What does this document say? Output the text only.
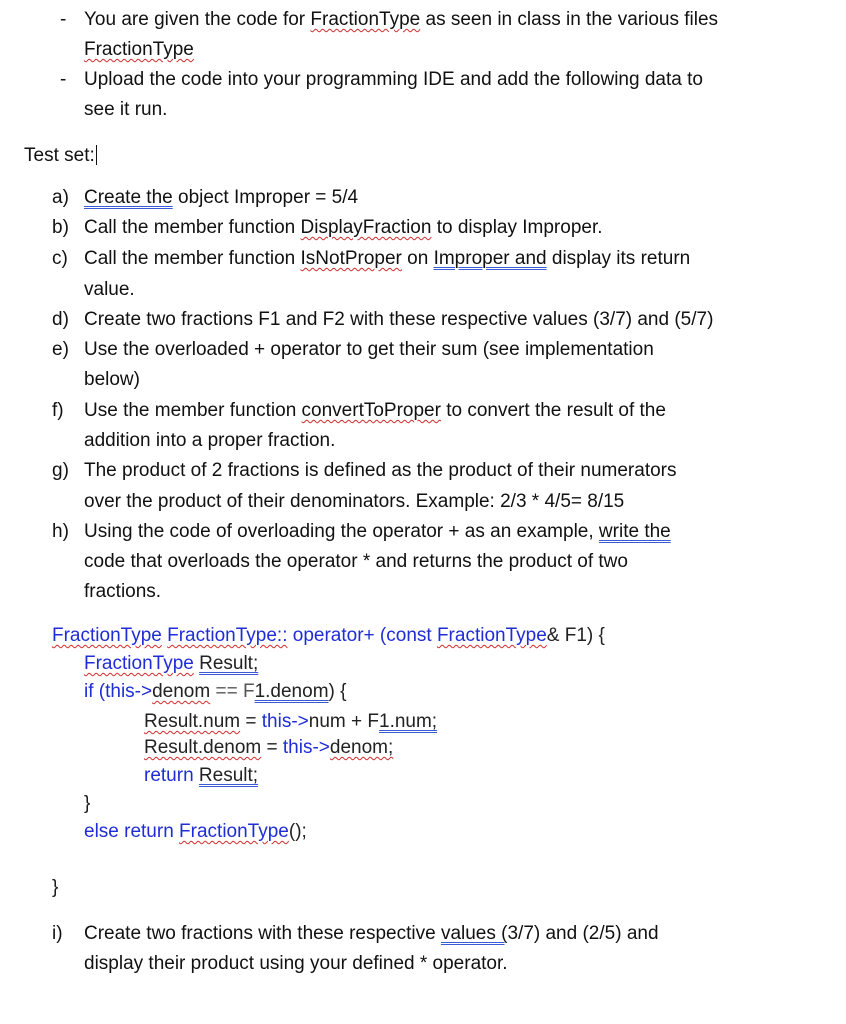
- You are given the code for FractionType as seen in class in the various files
FractionType
- Upload the code into your programming IDE and add the following data to
see it run.
Test set:
a) Create the object Improper = 5/4
b) Call the member function DisplayFraction to display Improper.
c) Call the member function IsNotProper on Improper and display its return
value.
d) Create two fractions F1 and F2 with these respective values (3/7) and (5/7)
e) Use the overloaded + operator to get their sum (see implementation
below)
f) Use the member function convertToProper to convert the result of the
addition into a proper fraction.
g) The product of 2 fractions is defined as the product of their numerators
over the product of their denominators. Example: 2/3 * 4/5= 8/15
h) Using the code of overloading the operator + as an example, write the
code that overloads the operator * and returns the product of two
fractions.
FractionType FractionType:: operator+ (const FractionType& F1) {
FractionType Result;
if (this->denom == F1.denom) {
Result.num = this->num + F1.num;
Result.denom = this->denom;
return Result;
}
else return FractionType();
}
i) Create two fractions with these respective values (3/7) and (2/5) and
display their product using your defined * operator.
